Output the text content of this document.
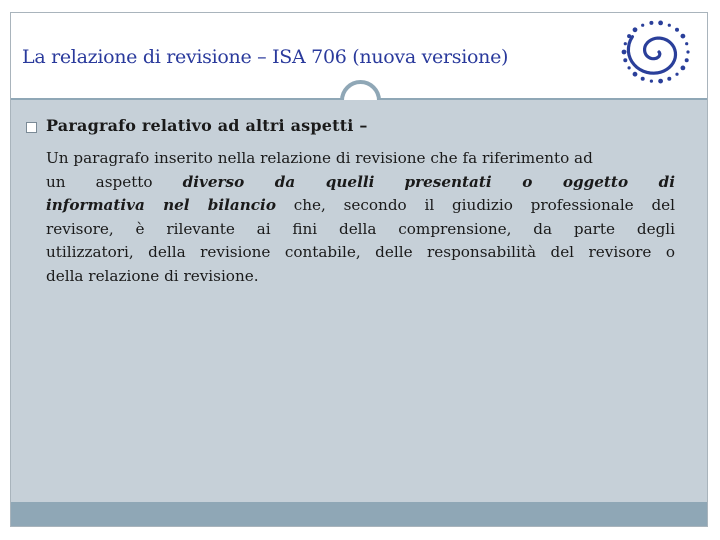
La relazione di revisione – ISA 706 (nuova versione)
Paragrafo relativo ad altri aspetti –
Un paragrafo inserito nella relazione di revisione che fa riferimento ad
un aspetto diverso da quelli presentati o oggetto di
informativa nel bilancio che, secondo il giudizio professionale del
revisore, è rilevante ai fini della comprensione, da parte degli
utilizzatori, della revisione contabile, delle responsabilità del revisore o
della relazione di revisione.
